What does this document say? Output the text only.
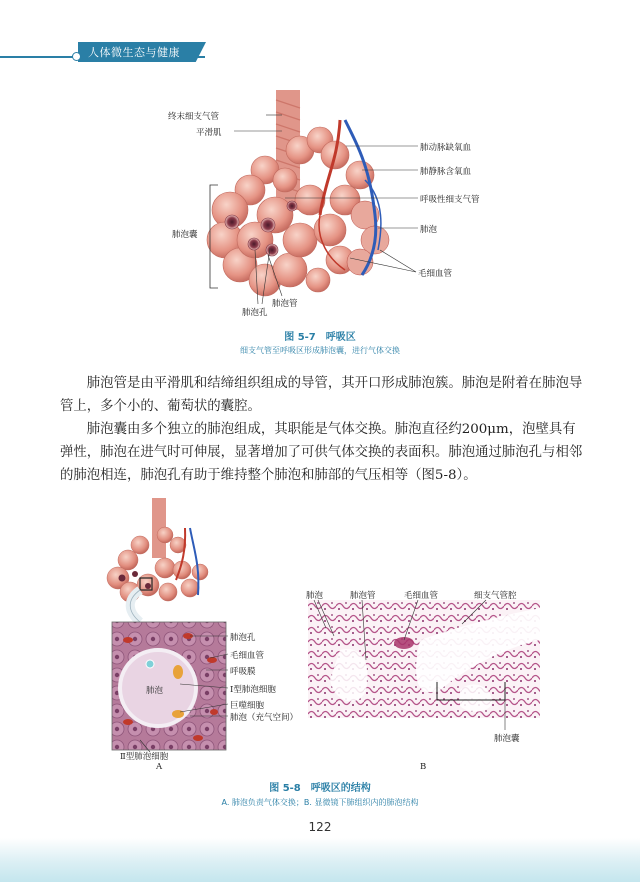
人体微生态与健康
终末细支气管
平滑肌
肺动脉缺氧血
肺静脉含氧血
呼吸性细支气管
肺泡囊	肺泡
毛细血管
肺泡管
肺泡孔
图 5-7　呼吸区
细支气管至呼吸区形成肺泡囊，进行气体交换
肺泡管是由平滑肌和结缔组织组成的导管，其开口形成肺泡簇。肺泡是附着在肺泡导管上，多个小的、葡萄状的囊腔。
肺泡囊由多个独立的肺泡组成，其职能是气体交换。肺泡直径约200μm，泡壁具有弹性，肺泡在进气时可伸展，显著增加了可供气体交换的表面积。肺泡通过肺泡孔与相邻的肺泡相连，肺泡孔有助于维持整个肺泡和肺部的气压相等（图5-8）。
肺泡孔
毛细血管
呼吸膜
Ⅰ型肺泡细胞
巨噬细胞
肺泡（充气空间）
肺泡
Ⅱ型肺泡细胞
A
肺泡	肺泡管	毛细血管	细支气管腔
肺泡囊
B
图 5-8　呼吸区的结构
A. 肺泡负责气体交换；B. 显微镜下肺组织内的肺泡结构
122
